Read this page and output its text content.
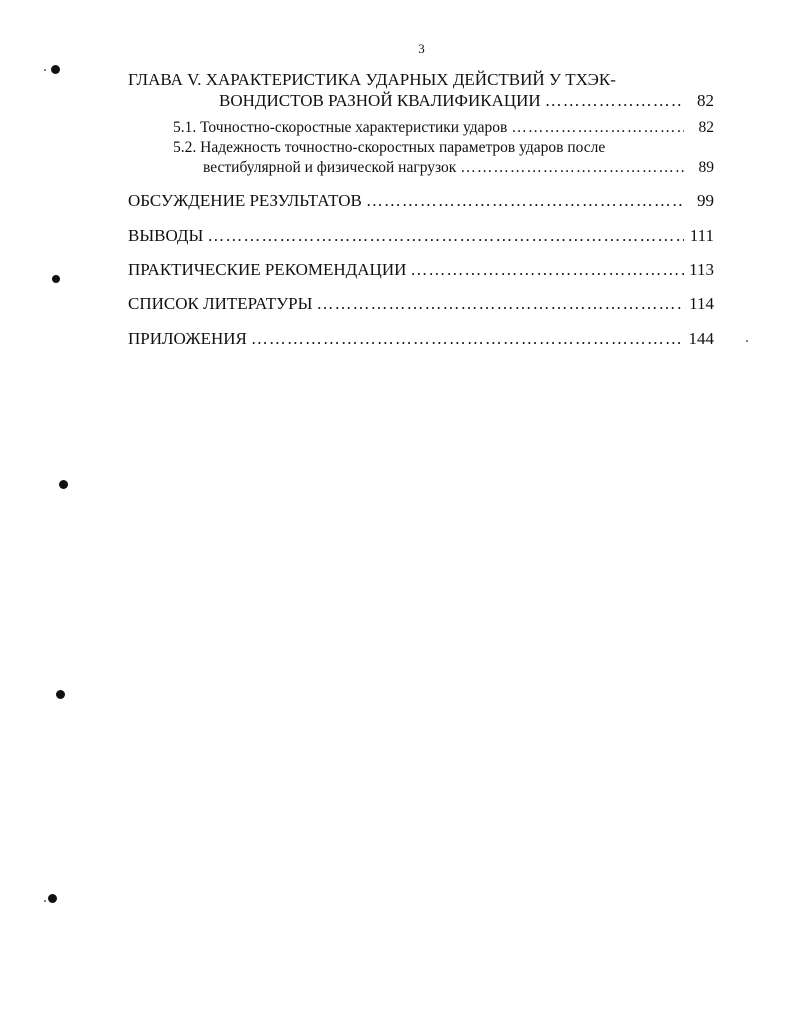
3
ГЛАВА V. ХАРАКТЕРИСТИКА УДАРНЫХ ДЕЙСТВИЙ У ТХЭК-
ВОНДИСТОВ РАЗНОЙ КВАЛИФИКАЦИИ ……………………………………………………………………………………………………………………………………………………	82
5.1. Точностно-скоростные характеристики ударов ……………………………………………………………………………………………………………………………………………………	82
5.2. Надежность точностно-скоростных параметров ударов после
вестибулярной и физической нагрузок ……………………………………………………………………………………………………………………………………………………	89
ОБСУЖДЕНИЕ РЕЗУЛЬТАТОВ ……………………………………………………………………………………………………………………………………………………	99
ВЫВОДЫ ……………………………………………………………………………………………………………………………………………………	111
ПРАКТИЧЕСКИЕ РЕКОМЕНДАЦИИ ……………………………………………………………………………………………………………………………………………………	113
СПИСОК ЛИТЕРАТУРЫ ……………………………………………………………………………………………………………………………………………………	114
ПРИЛОЖЕНИЯ ……………………………………………………………………………………………………………………………………………………	144
